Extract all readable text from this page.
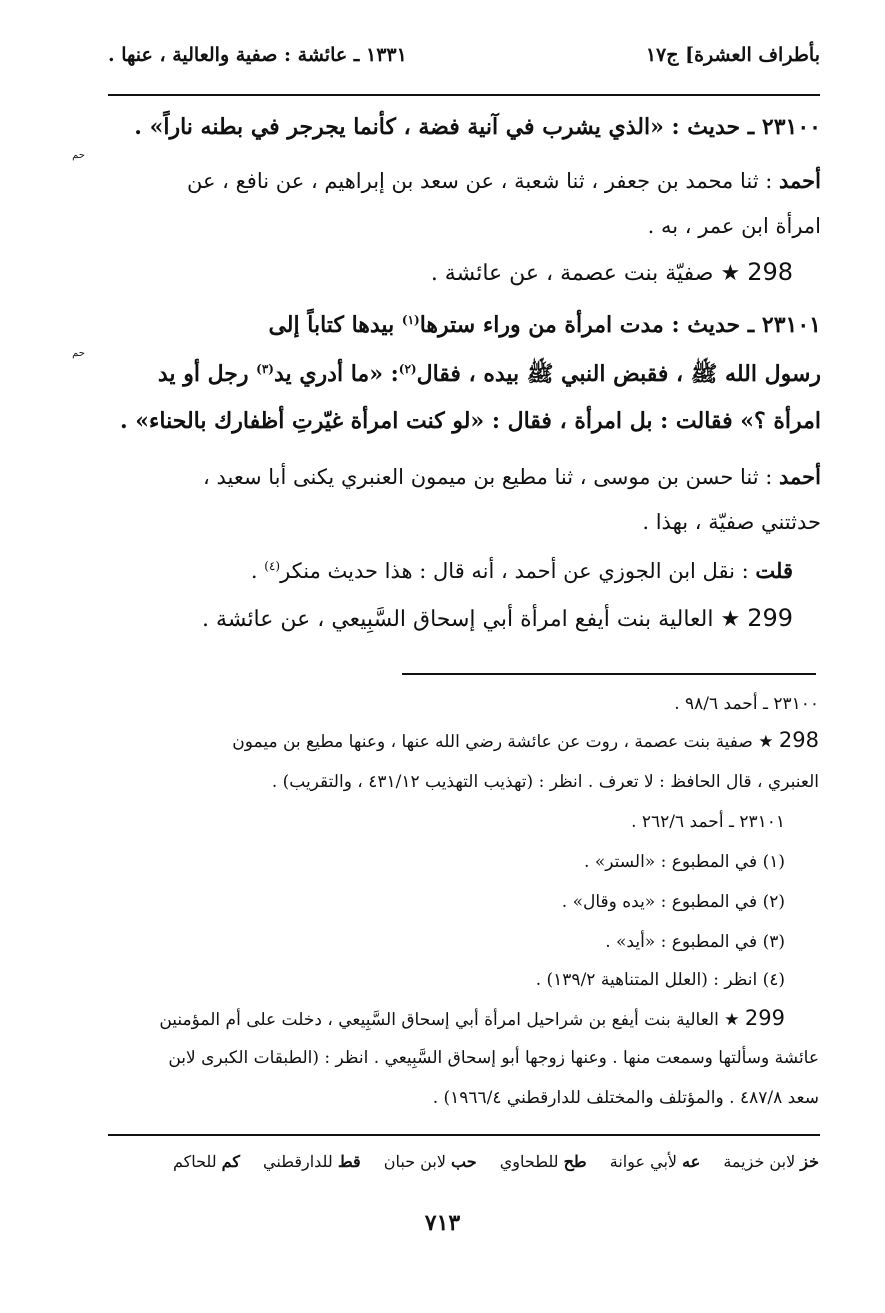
بأطراف العشرة] ج١٧
١٣٣١ ـ عائشة : صفية والعالية ، عنها .
٢٣١٠٠ ـ حديث : «الذي يشرب في آنية فضة ، كأنما يجرجر في بطنه ناراً» .
حم
أحمد : ثنا محمد بن جعفر ، ثنا شعبة ، عن سعد بن إبراهيم ، عن نافع ، عن
امرأة ابن عمر ، به .
298 ★ صفيّة بنت عصمة ، عن عائشة .
٢٣١٠١ ـ حديث : مدت امرأة من وراء سترها$^{(١)}$ بيدها كتاباً إلى
حم
رسول الله ﷺ ، فقبض النبي ﷺ بيده ، فقال$^{(٢)}$: «ما أدري يد$^{(٣)}$ رجل أو يد
امرأة ؟» فقالت : بل امرأة ، فقال : «لو كنت امرأة غيّرتِ أظفارك بالحناء» .
أحمد : ثنا حسن بن موسى ، ثنا مطيع بن ميمون العنبري يكنى أبا سعيد ،
حدثتني صفيّة ، بهذا .
قلت : نقل ابن الجوزي عن أحمد ، أنه قال : هذا حديث منكر$^{(٤)}$ .
299 ★ العالية بنت أيفع امرأة أبي إسحاق السَّبِيعي ، عن عائشة .
٢٣١٠٠ ـ أحمد ٩٨/٦ .
298 ★ صفية بنت عصمة ، روت عن عائشة رضي الله عنها ، وعنها مطيع بن ميمون
العنبري ، قال الحافظ : لا تعرف . انظر : (تهذيب التهذيب ٤٣١/١٢ ، والتقريب) .
٢٣١٠١ ـ أحمد ٢٦٢/٦ .
(١) في المطبوع : «الستر» .
(٢) في المطبوع : «يده وقال» .
(٣) في المطبوع : «أيد» .
(٤) انظر : (العلل المتناهية ١٣٩/٢) .
299 ★ العالية بنت أيفع بن شراحيل امرأة أبي إسحاق السَّبِيعي ، دخلت على أم المؤمنين
عائشة وسألتها وسمعت منها . وعنها زوجها أبو إسحاق السَّبِيعي . انظر : (الطبقات الكبرى لابن
سعد ٤٨٧/٨ . والمؤتلف والمختلف للدارقطني ١٩٦٦/٤) .
خز لابن خزيمة عه لأبي عوانة طح للطحاوي حب لابن حبان قط للدارقطني كم للحاكم
٧١٣
